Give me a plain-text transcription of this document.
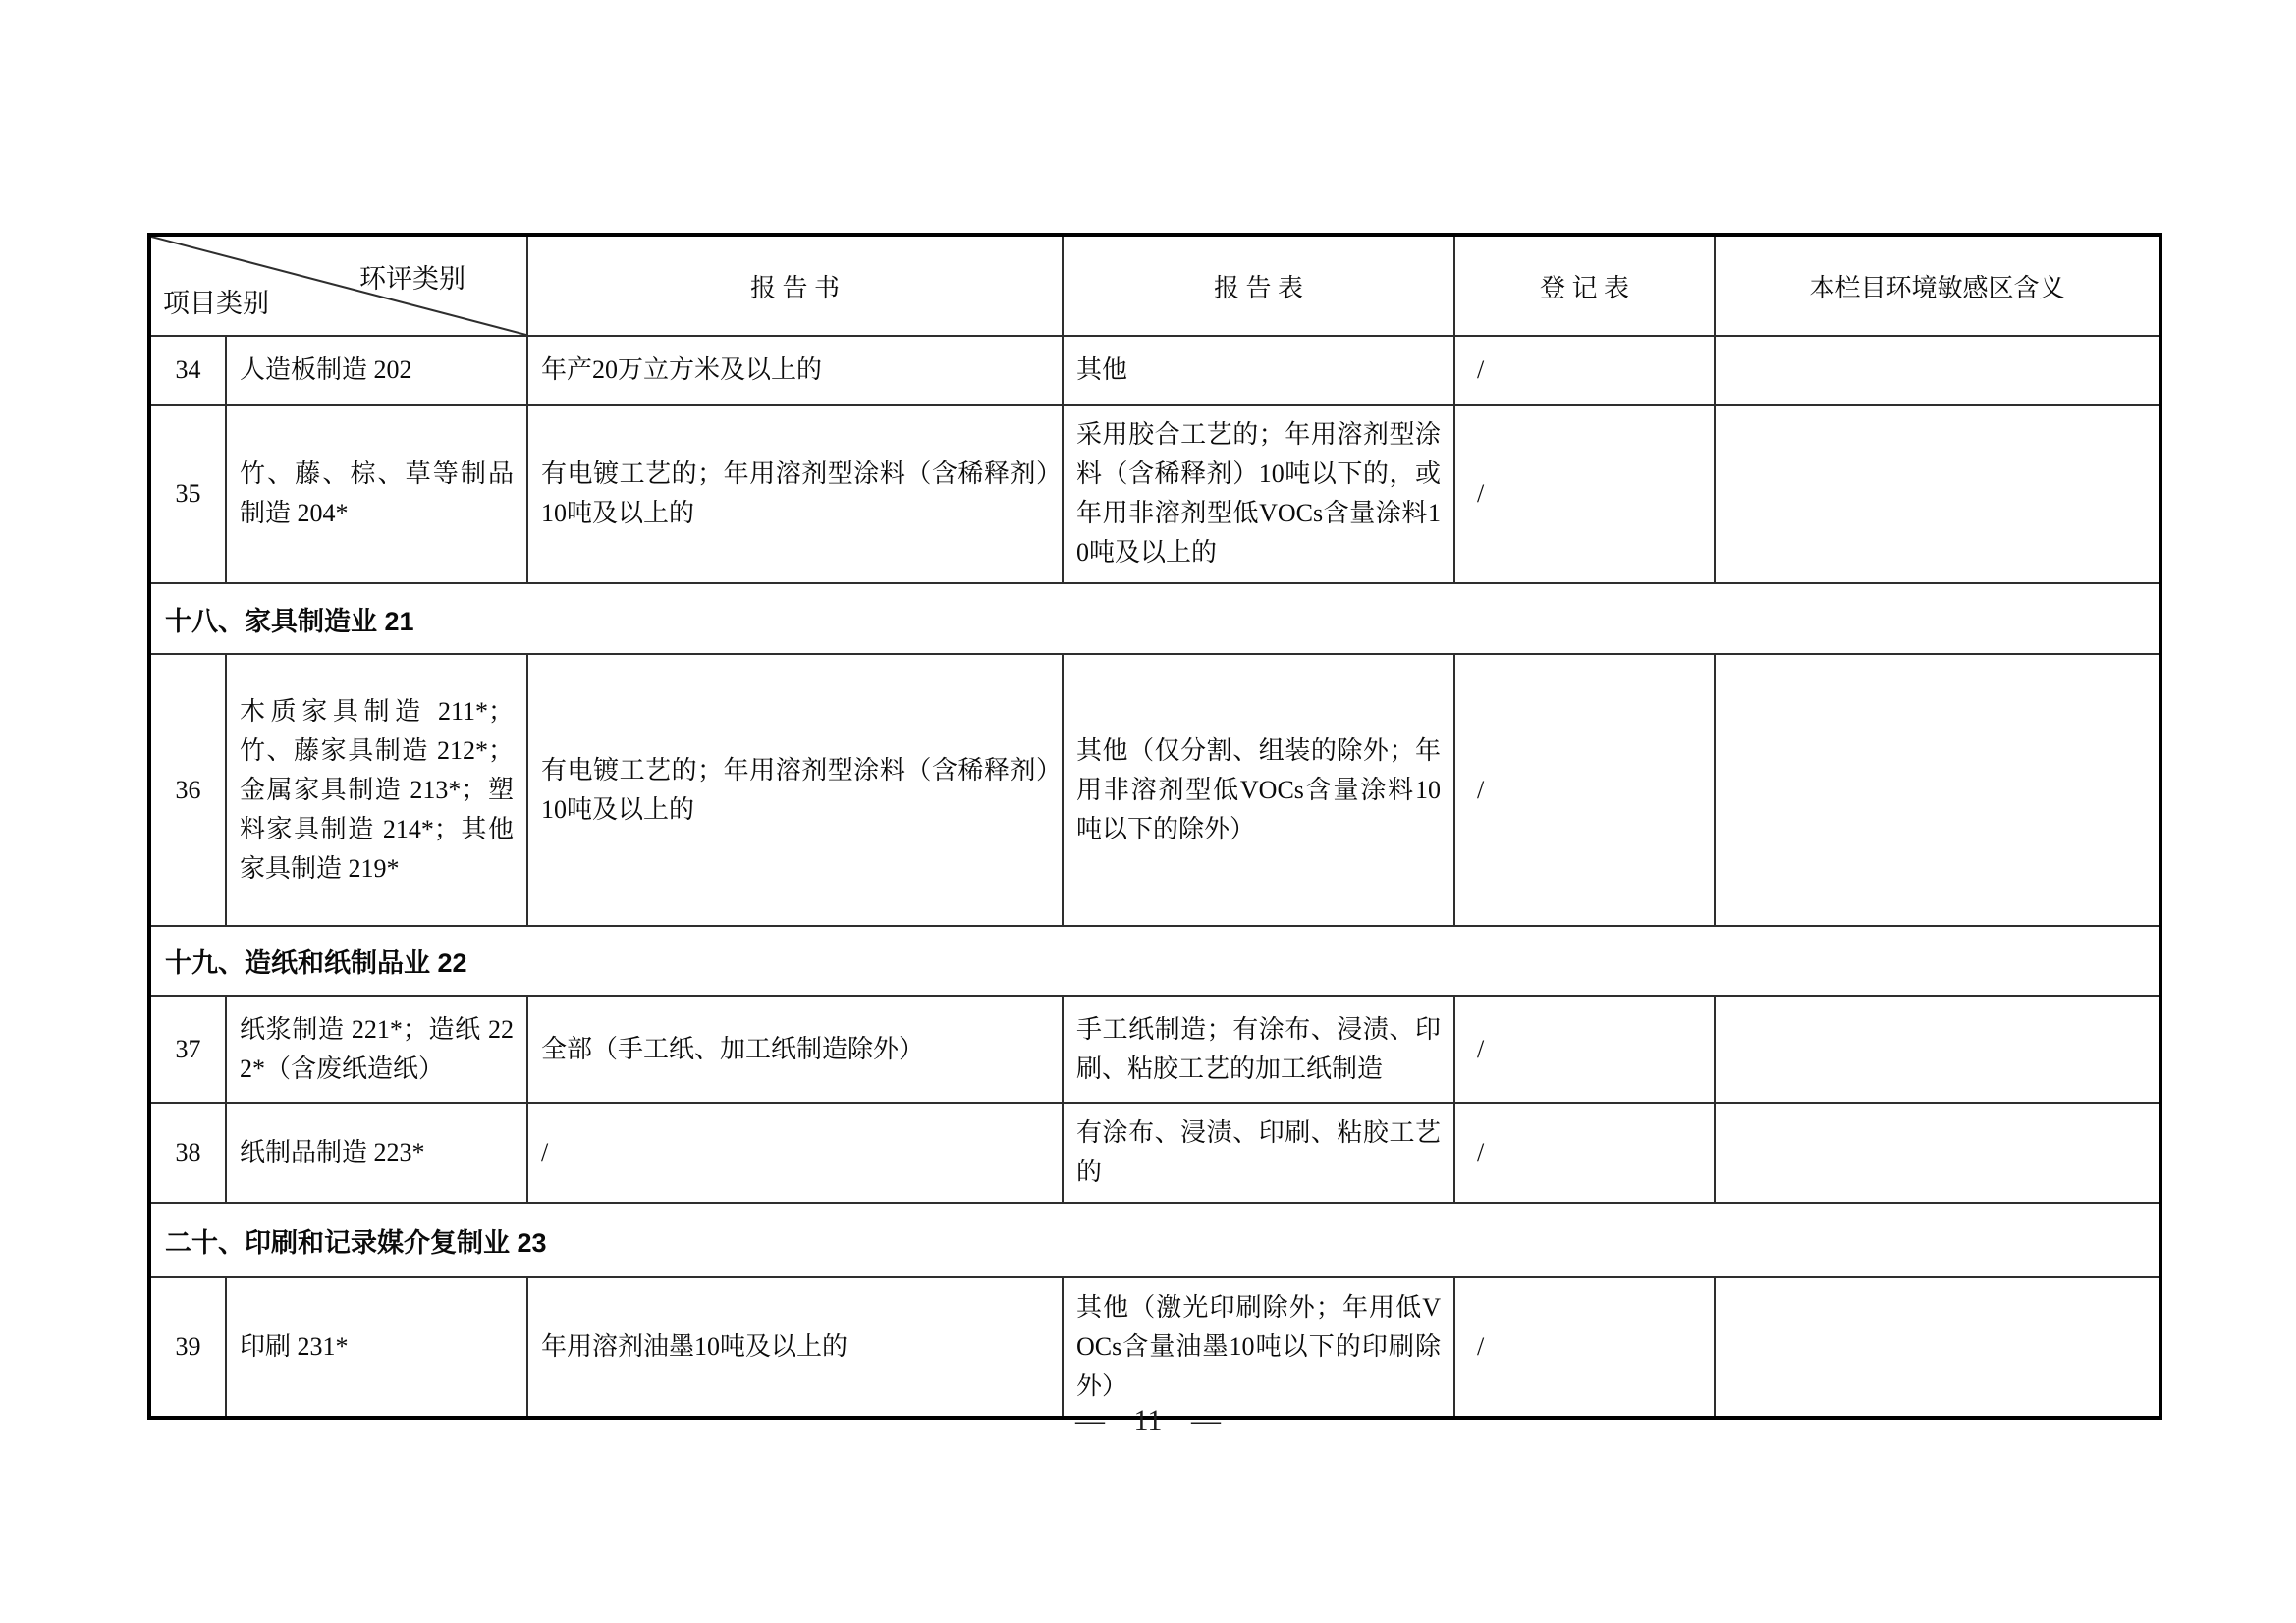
环评类别
项目类别		报 告 书	报 告 表	登 记 表	本栏目环境敏感区含义
34	人造板制造 202	年产20万立方米及以上的	其他	/	
35	竹、藤、棕、草等制品制造 204*	有电镀工艺的；年用溶剂型涂料（含稀释剂）10吨及以上的	采用胶合工艺的；年用溶剂型涂料（含稀释剂）10吨以下的，或年用非溶剂型低VOCs含量涂料10吨及以上的	/	
十八、家具制造业 21					
36	木质家具制造 211*；竹、藤家具制造 212*；金属家具制造 213*；塑料家具制造 214*；其他家具制造 219*	有电镀工艺的；年用溶剂型涂料（含稀释剂）10吨及以上的	其他（仅分割、组装的除外；年用非溶剂型低VOCs含量涂料10吨以下的除外）	/	
十九、造纸和纸制品业 22					
37	纸浆制造 221*；造纸 222*（含废纸造纸）	全部（手工纸、加工纸制造除外）	手工纸制造；有涂布、浸渍、印刷、粘胶工艺的加工纸制造	/	
38	纸制品制造 223*	/	有涂布、浸渍、印刷、粘胶工艺的	/	
二十、印刷和记录媒介复制业 23					
39	印刷 231*	年用溶剂油墨10吨及以上的	其他（激光印刷除外；年用低VOCs含量油墨10吨以下的印刷除外）	/	
— 11 —
